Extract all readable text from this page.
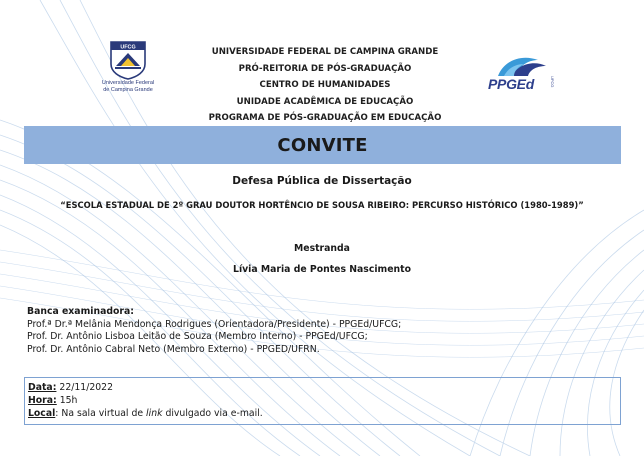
UFCG
Universidade Federal
de Campina Grande
UNIVERSIDADE FEDERAL DE CAMPINA GRANDE
PRÓ-REITORIA DE PÓS-GRADUAÇÃO
CENTRO DE HUMANIDADES
UNIDADE ACADÊMICA DE EDUCAÇÃO
PROGRAMA DE PÓS-GRADUAÇÃO EM EDUCAÇÃO
PPGEd	UFCG
CONVITE
Defesa Pública de Dissertação
“ESCOLA ESTADUAL DE 2º GRAU DOUTOR HORTÊNCIO DE SOUSA RIBEIRO: PERCURSO HISTÓRICO (1980-1989)”
Mestranda
Lívia Maria de Pontes Nascimento
Banca examinadora:
Prof.ª Dr.ª Melânia Mendonça Rodrigues (Orientadora/Presidente) - PPGEd/UFCG;
Prof. Dr. Antônio Lisboa Leitão de Souza (Membro Interno) - PPGEd/UFCG;
Prof. Dr. Antônio Cabral Neto (Membro Externo) - PPGED/UFRN.
Data: 22/11/2022
Hora: 15h
Local: Na sala virtual de link divulgado via e-mail.
